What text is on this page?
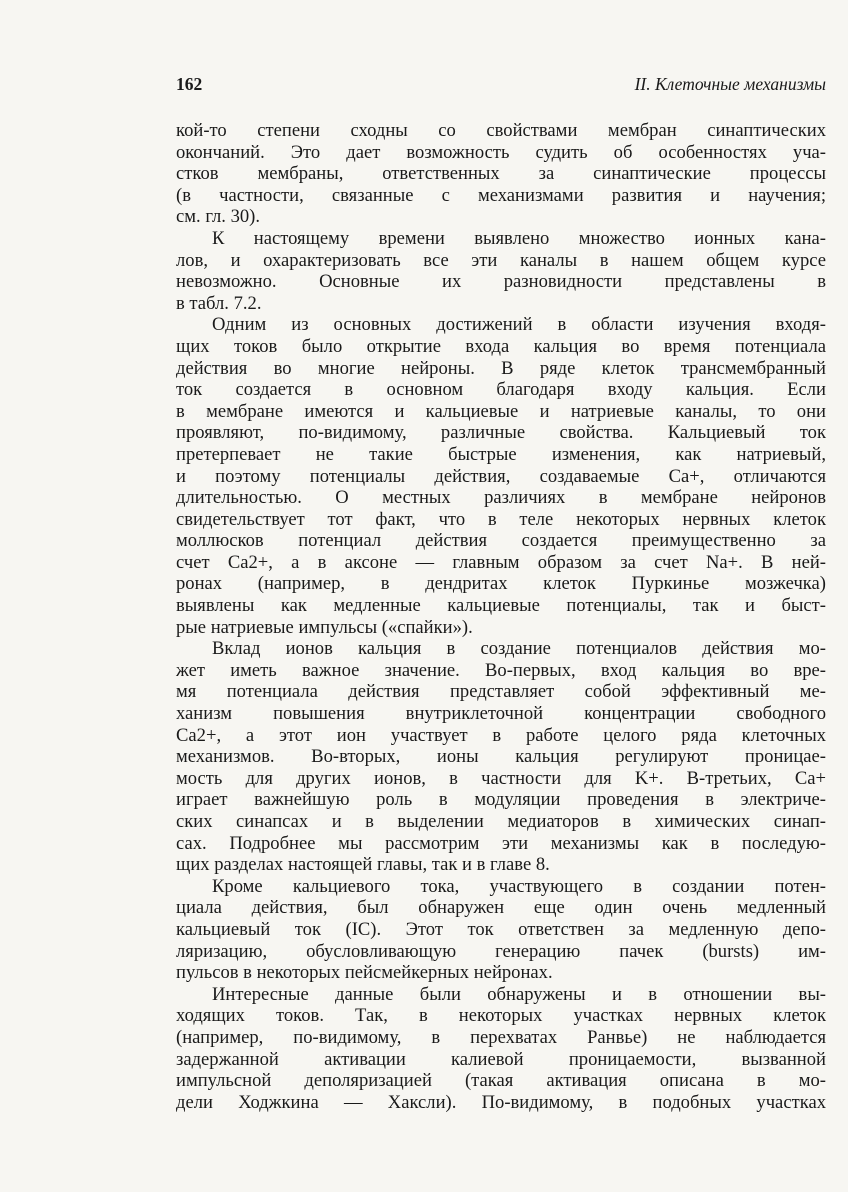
162	II. Клеточные механизмы

кой-то степени сходны со свойствами мембран синаптических
окончаний. Это дает возможность судить об особенностях уча-
стков мембраны, ответственных за синаптические процессы
(в частности, связанные с механизмами развития и научения;
см. гл. 30).

К настоящему времени выявлено множество ионных кана-
лов, и охарактеризовать все эти каналы в нашем общем курсе
невозможно. Основные их разновидности представлены в
в табл. 7.2.

Одним из основных достижений в области изучения входя-
щих токов было открытие входа кальция во время потенциала
действия во многие нейроны. В ряде клеток трансмембранный
ток создается в основном благодаря входу кальция. Если
в мембране имеются и кальциевые и натриевые каналы, то они
проявляют, по-видимому, различные свойства. Кальциевый ток
претерпевает не такие быстрые изменения, как натриевый,
и поэтому потенциалы действия, создаваемые Ca+, отличаются
длительностью. О местных различиях в мембране нейронов
свидетельствует тот факт, что в теле некоторых нервных клеток
моллюсков потенциал действия создается преимущественно за
счет Ca2+, а в аксоне — главным образом за счет Na+. В ней-
ронах (например, в дендритах клеток Пуркинье мозжечка)
выявлены как медленные кальциевые потенциалы, так и быст-
рые натриевые импульсы («спайки»).

Вклад ионов кальция в создание потенциалов действия мо-
жет иметь важное значение. Во-первых, вход кальция во вре-
мя потенциала действия представляет собой эффективный ме-
ханизм повышения внутриклеточной концентрации свободного
Ca2+, а этот ион участвует в работе целого ряда клеточных
механизмов. Во-вторых, ионы кальция регулируют проницае-
мость для других ионов, в частности для K+. В-третьих, Ca+
играет важнейшую роль в модуляции проведения в электриче-
ских синапсах и в выделении медиаторов в химических синап-
сах. Подробнее мы рассмотрим эти механизмы как в последую-
щих разделах настоящей главы, так и в главе 8.

Кроме кальциевого тока, участвующего в создании потен-
циала действия, был обнаружен еще один очень медленный
кальциевый ток (IC). Этот ток ответствен за медленную депо-
ляризацию, обусловливающую генерацию пачек (bursts) им-
пульсов в некоторых пейсмейкерных нейронах.

Интересные данные были обнаружены и в отношении вы-
ходящих токов. Так, в некоторых участках нервных клеток
(например, по-видимому, в перехватах Ранвье) не наблюдается
задержанной активации калиевой проницаемости, вызванной
импульсной деполяризацией (такая активация описана в мо-
дели Ходжкина — Хаксли). По-видимому, в подобных участках
